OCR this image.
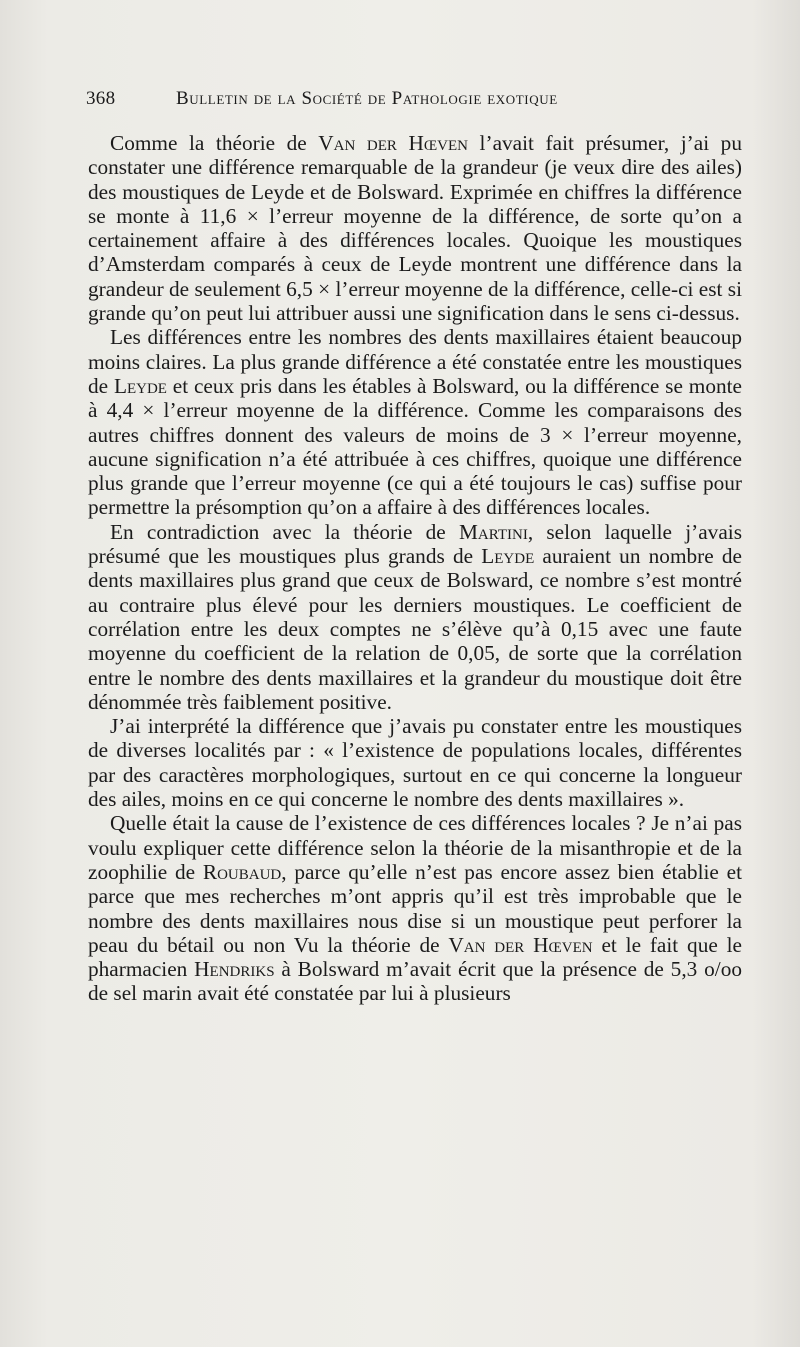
368	Bulletin de la Société de Pathologie exotique

Comme la théorie de Van der Hœven l’avait fait présumer, j’ai pu constater une différence remarquable de la grandeur (je veux dire des ailes) des moustiques de Leyde et de Bolsward. Exprimée en chiffres la différence se monte à 11,6 × l’erreur moyenne de la différence, de sorte qu’on a certainement affaire à des différences locales. Quoique les moustiques d’Amsterdam comparés à ceux de Leyde montrent une différence dans la grandeur de seulement 6,5 × l’erreur moyenne de la différence, celle-ci est si grande qu’on peut lui attribuer aussi une signification dans le sens ci-dessus.

Les différences entre les nombres des dents maxillaires étaient beaucoup moins claires. La plus grande différence a été constatée entre les moustiques de Leyde et ceux pris dans les étables à Bolsward, ou la différence se monte à 4,4 × l’erreur moyenne de la différence. Comme les comparaisons des autres chiffres donnent des valeurs de moins de 3 × l’erreur moyenne, aucune signification n’a été attribuée à ces chiffres, quoique une différence plus grande que l’erreur moyenne (ce qui a été toujours le cas) suffise pour permettre la présomption qu’on a affaire à des différences locales.

En contradiction avec la théorie de Martini, selon laquelle j’avais présumé que les moustiques plus grands de Leyde auraient un nombre de dents maxillaires plus grand que ceux de Bolsward, ce nombre s’est montré au contraire plus élevé pour les derniers moustiques. Le coefficient de corrélation entre les deux comptes ne s’élève qu’à 0,15 avec une faute moyenne du coefficient de la relation de 0,05, de sorte que la corrélation entre le nombre des dents maxillaires et la grandeur du moustique doit être dénommée très faiblement positive.

J’ai interprété la différence que j’avais pu constater entre les moustiques de diverses localités par : « l’existence de populations locales, différentes par des caractères morphologiques, surtout en ce qui concerne la longueur des ailes, moins en ce qui concerne le nombre des dents maxillaires ».

Quelle était la cause de l’existence de ces différences locales ? Je n’ai pas voulu expliquer cette différence selon la théorie de la misanthropie et de la zoophilie de Roubaud, parce qu’elle n’est pas encore assez bien établie et parce que mes recherches m’ont appris qu’il est très improbable que le nombre des dents maxillaires nous dise si un moustique peut perforer la peau du bétail ou non Vu la théorie de Van der Hœven et le fait que le pharmacien Hendriks à Bolsward m’avait écrit que la présence de 5,3 o/oo de sel marin avait été constatée par lui à plusieurs
